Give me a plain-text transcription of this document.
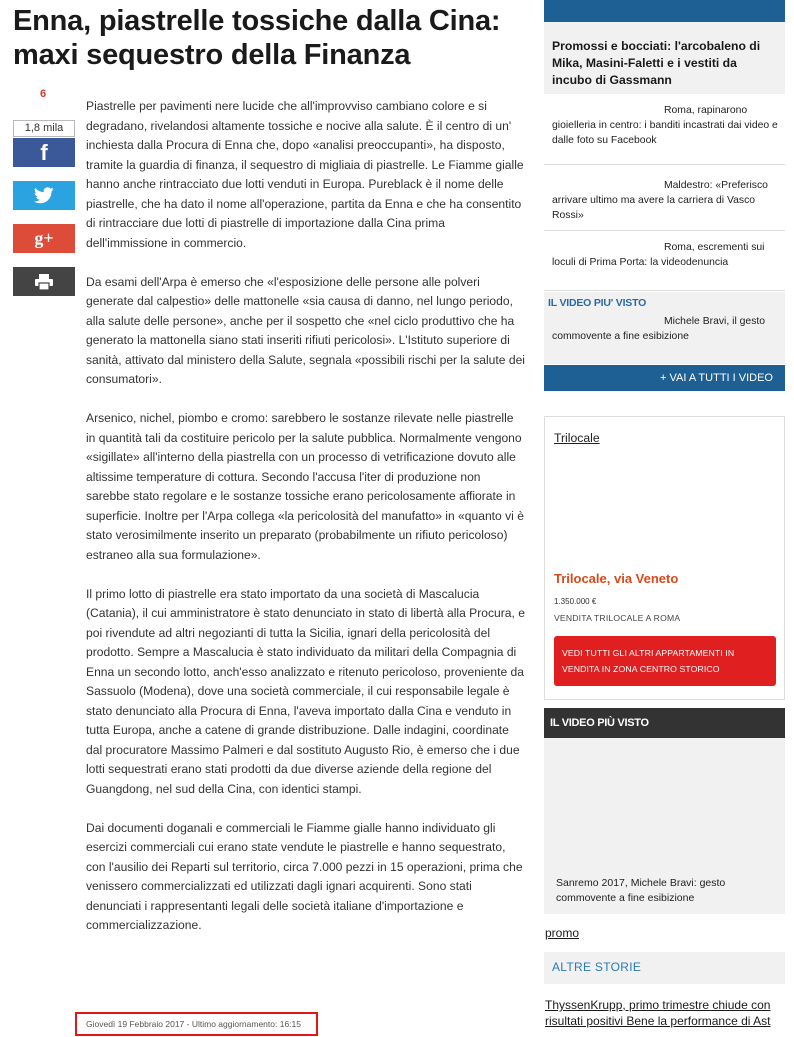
Enna, piastrelle tossiche dalla Cina: maxi sequestro della Finanza
6
1,8 mila
f
g+

Piastrelle per pavimenti nere lucide che all'improvviso cambiano colore e si degradano, rivelandosi altamente tossiche e nocive alla salute. È il centro di un' inchiesta dalla Procura di Enna che, dopo «analisi preoccupanti», ha disposto, tramite la guardia di finanza, il sequestro di migliaia di piastrelle. Le Fiamme gialle hanno anche rintracciato due lotti venduti in Europa. Pureblack è il nome delle piastrelle, che ha dato il nome all'operazione, partita da Enna e che ha consentito di rintracciare due lotti di piastrelle di importazione dalla Cina prima dell'immissione in commercio.

Da esami dell'Arpa è emerso che «l'esposizione delle persone alle polveri generate dal calpestio» delle mattonelle «sia causa di danno, nel lungo periodo, alla salute delle persone», anche per il sospetto che «nel ciclo produttivo che ha generato la mattonella siano stati inseriti rifiuti pericolosi». L'Istituto superiore di sanità, attivato dal ministero della Salute, segnala «possibili rischi per la salute dei consumatori».

Arsenico, nichel, piombo e cromo: sarebbero le sostanze rilevate nelle piastrelle in quantità tali da costituire pericolo per la salute pubblica. Normalmente vengono «sigillate» all'interno della piastrella con un processo di vetrificazione dovuto alle altissime temperature di cottura. Secondo l'accusa l'iter di produzione non sarebbe stato regolare e le sostanze tossiche erano pericolosamente affiorate in superficie. Inoltre per l'Arpa collega «la pericolosità del manufatto» in «quanto vi è stato verosimilmente inserito un preparato (probabilmente un rifiuto pericoloso) estraneo alla sua formulazione».

Il primo lotto di piastrelle era stato importato da una società di Mascalucia (Catania), il cui amministratore è stato denunciato in stato di libertà alla Procura, e poi rivendute ad altri negozianti di tutta la Sicilia, ignari della pericolosità del prodotto. Sempre a Mascalucia è stato individuato da militari della Compagnia di Enna un secondo lotto, anch'esso analizzato e ritenuto pericoloso, proveniente da Sassuolo (Modena), dove una società commerciale, il cui responsabile legale è stato denunciato alla Procura di Enna, l'aveva importato dalla Cina e venduto in tutta Europa, anche a catene di grande distribuzione. Dalle indagini, coordinate dal procuratore Massimo Palmeri e dal sostituto Augusto Rio, è emerso che i due lotti sequestrati erano stati prodotti da due diverse aziende della regione del Guangdong, nel sud della Cina, con identici stampi.

Dai documenti doganali e commerciali le Fiamme gialle hanno individuato gli esercizi commerciali cui erano state vendute le piastrelle e hanno sequestrato, con l'ausilio dei Reparti sul territorio, circa 7.000 pezzi in 15 operazioni, prima che venissero commercializzati ed utilizzati dagli ignari acquirenti. Sono stati denunciati i rappresentanti legali delle società italiane d'importazione e commercializzazione.

Giovedì 19 Febbraio 2017 - Ultimo aggiornamento: 16:15
Promossi e bocciati: l'arcobaleno di Mika, Masini-Faletti e i vestiti da incubo di Gassmann
Roma, rapinarono gioielleria in centro: i banditi incastrati dai video e dalle foto su Facebook
Maldestro: «Preferisco arrivare ultimo ma avere la carriera di Vasco Rossi»
Roma, escrementi sui loculi di Prima Porta: la videodenuncia
IL VIDEO PIU' VISTO
Michele Bravi, il gesto commovente a fine esibizione
+ VAI A TUTTI I VIDEO
Trilocale
Trilocale, via Veneto
1.350.000 €
VENDITA TRILOCALE A ROMA
VEDI TUTTI GLI ALTRI APPARTAMENTI IN VENDITA IN ZONA CENTRO STORICO
IL VIDEO PIÙ VISTO
Sanremo 2017, Michele Bravi: gesto commovente a fine esibizione
promo
ALTRE STORIE
ThyssenKrupp, primo trimestre chiude con risultati positivi Bene la performance di Ast
